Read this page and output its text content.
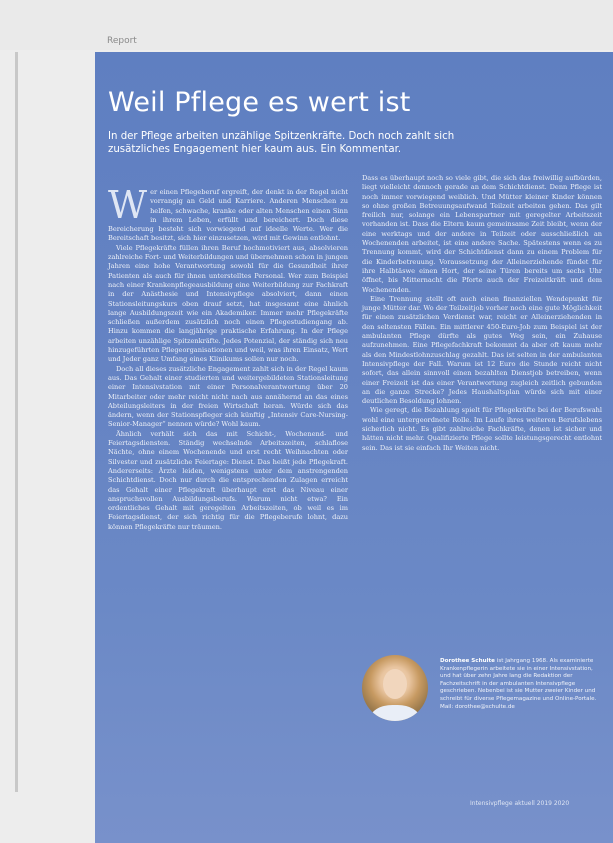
Report
Weil Pflege es wert ist
In der Pflege arbeiten unzählige Spitzenkräfte. Doch noch zahlt sich zusätzliches Engagement hier kaum aus. Ein Kommentar.

Wer einen Pflegeberuf ergreift, der denkt in der Regel nicht vorrangig an Geld und Karriere. Anderen Menschen zu helfen, schwache, kranke oder alten Menschen einen Sinn in ihrem Leben, erfüllt und bereichert. Doch diese Bereicherung besteht sich vorwiegend auf ideelle Werte. Wer die Bereitschaft besitzt, sich hier einzusetzen, wird mit Gewinn entlohnt.

Viele Pflegekräfte füllen ihren Beruf hochmotiviert aus, absolvieren zahlreiche Fort- und Weiterbildungen und übernehmen schon in jungen Jahren eine hohe Verantwortung sowohl für die Gesundheit ihrer Patienten als auch für ihnen unterstelltes Personal. Wer zum Beispiel nach einer Krankenpflegeausbildung eine Weiterbildung zur Fachkraft in der Anästhesie und Intensivpflege absolviert, dann einen Stationsleitungskurs oben drauf setzt, hat insgesamt eine ähnlich lange Ausbildungszeit wie ein Akademiker. Immer mehr Pflegekräfte schließen außerdem zusätzlich noch einen Pflegestudiengang ab. Hinzu kommen die langjährige praktische Erfahrung. In der Pflege arbeiten unzählige Spitzenkräfte. Jedes Potenzial, der ständig sich neu hinzugeführten Pflegeorganisationen und weil, was ihren Einsatz, Wert und Jeder ganz Umfang eines Klinikums sollen nur noch.

Doch all dieses zusätzliche Engagement zahlt sich in der Regel kaum aus. Das Gehalt einer studierten und weitergebildeten Stationsleitung einer Intensivstation mit einer Personalverantwortung über 20 Mitarbeiter oder mehr reicht nicht nach aus annähernd an das eines Abteilungsleiters in der freien Wirtschaft heran. Würde sich das ändern, wenn der Stationspfleger sich künftig „Intensiv Care-Nursing-Senior-Manager“ nennen würde? Wohl kaum.

Ähnlich verhält sich das mit Schicht-, Wochenend- und Feiertagsdiensten. Ständig wechselnde Arbeitszeiten, schlaflose Nächte, ohne einem Wochenende und erst recht Weihnachten oder Silvester und zusätzliche Feiertage: Dienst. Das heißt jede Pflegekraft. Andererseits: Ärzte leiden, wenigstens unter dem anstrengenden Schichtdienst. Doch nur durch die entsprechenden Zulagen erreicht das Gehalt einer Pflegekraft überhaupt erst das Niveau einer anspruchsvollen Ausbildungsberufs. Warum nicht etwa? Ein ordentliches Gehalt mit geregelten Arbeitszeiten, ob weil es im Feiertagsdienst, der sich richtig für die Pflegeberufe lohnt, dazu können Pflegekräfte nur träumen.

Dass es überhaupt noch so viele gibt, die sich das freiwillig aufbürden, liegt vielleicht dennoch gerade an dem Schichtdienst. Denn Pflege ist noch immer vorwiegend weiblich. Und Mütter kleiner Kinder können so ohne großen Betreuungsaufwand Teilzeit arbeiten gehen. Das gilt freilich nur, solange ein Lebenspartner mit geregelter Arbeitszeit vorhanden ist. Dass die Eltern kaum gemeinsame Zeit bleibt, wenn der eine werktags und der andere in Teilzeit oder ausschließlich an Wochenenden arbeitet, ist eine andere Sache. Spätestens wenn es zu Trennung kommt, wird der Schichtdienst dann zu einem Problem für die Kinderbetreuung. Voraussetzung der Alleinerziehende fündet für ihre Halbtäswe einen Hort, der seine Türen bereits um sechs Uhr öffnet, bis Mitternacht die Pforte auch der Freizeitkräft und dem Wochenenden.

Eine Trennung stellt oft auch einen finanziellen Wendepunkt für junge Mütter dar. Wo der Teilzeitjob vorher noch eine gute Möglichkeit für einen zusätzlichen Verdienst war, reicht er Alleinerziehenden in den seltensten Fällen. Ein mittlerer 450-Euro-Job zum Beispiel ist der ambulanten Pflege dürfte als gutes Weg sein, ein Zuhause aufzunehmen. Eine Pflegefachkraft bekommt da aber oft kaum mehr als den Mindestlohnzuschlag gezahlt. Das ist selten in der ambulanten Intensivpflege der Fall. Warum ist 12 Euro die Stunde reicht nicht sofort, das allein sinnvoll einen bezahlten Dienstjob betreiben, wenn einer Freizeit ist das einer Verantwortung zugleich zeitlich gebunden an die ganze Strecke? Jedes Haushaltsplan würde sich mit einer deutlichen Besoldung lohnen.

Wie geregt, die Bezahlung spielt für Pflegekräfte bei der Berufswahl wohl eine untergeordnete Rolle. Im Laufe ihres weiteren Berufslebens sicherlich nicht. Es gibt zahlreiche Fachkräfte, denen ist sicher und hätten nicht mehr. Qualifizierte Pflege sollte leistungsgerecht entlohnt sein. Das ist sie einfach Ihr Weiten nicht.

Dorothee Schulte ist Jahrgang 1968. Als examinierte Krankenpflegerin arbeitete sie in einer Intensivstation, und hat über zehn Jahre lang die Redaktion der Fachzeitschrift in der ambulanten Intensivpflege geschrieben. Nebenbei ist sie Mutter zweier Kinder und schreibt für diverse Pflegemagazine und Online-Portale.
Mail: dorothee@schulte.de
Intensivpflege aktuell 2019 2020
